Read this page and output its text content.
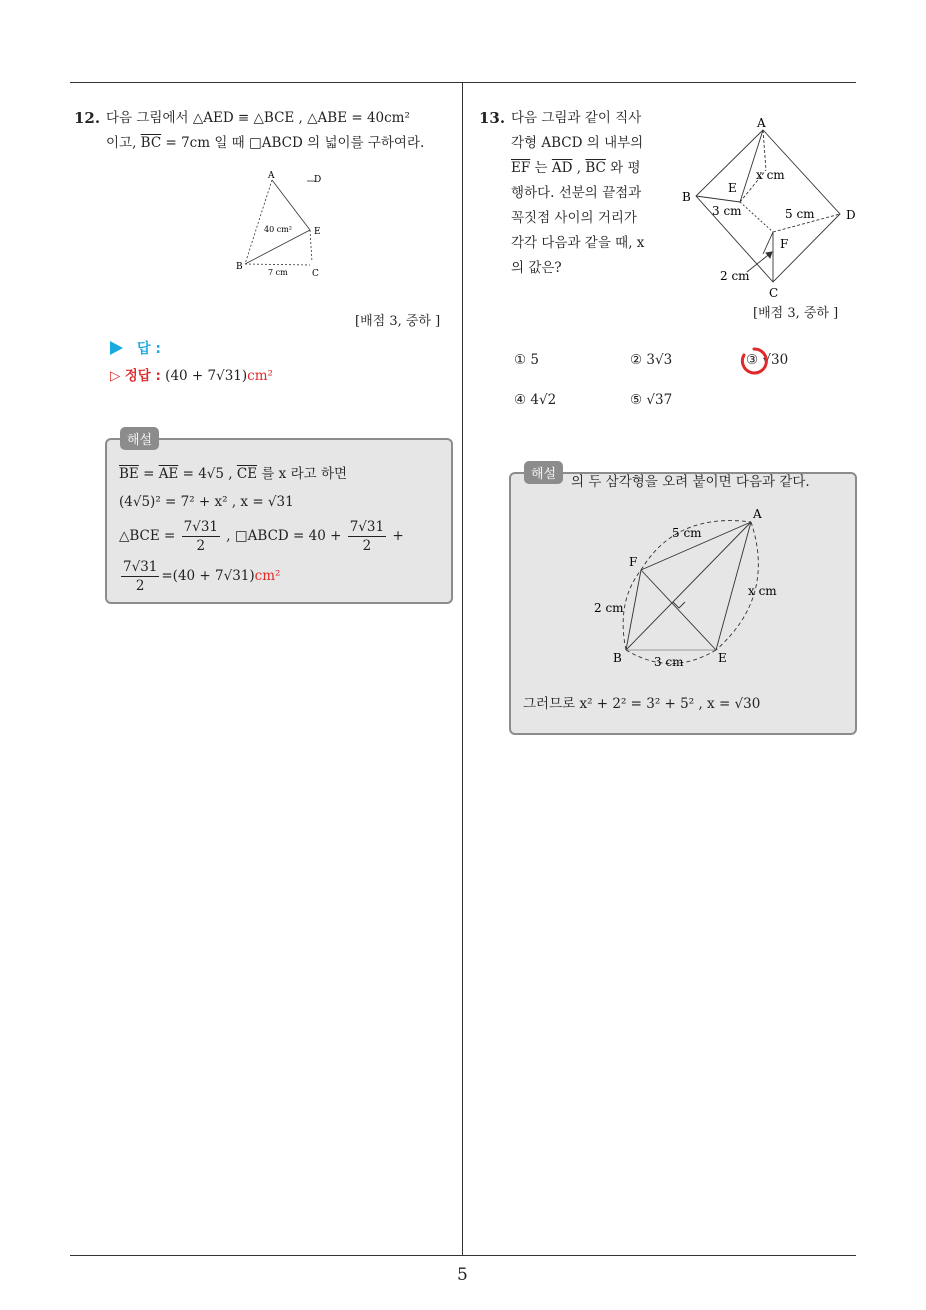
5
12. 다음 그림에서 △AED ≡ △BCE , △ABE = 40cm²
이고, $\overline{BC} = 7cm$ 일 때 □ABCD 의 넓이를 구하여라.
A	D
E
B
C
40 cm²
7 cm
[배점 3, 중하 ]
답 :
▷ 정답 : (40 + 7√31)cm²
$\overline{BE} = \overline{AE} = 4√5$ , $\overline{CE}$ 를 x 라고 하면
(4√5)² = 7² + x² , x = √31
△BCE = $\frac{7√31}{2}$ , □ABCD = $40 + \frac{7√31}{2}$ +
$\frac{7√31}{2} =(40 + 7√31)cm^2$
해설
13. 다음 그림과 같이 직사
각형 ABCD 의 내부의
$\overline{EF}$ 는 $\overline{AD}$ , $\overline{BC}$ 와 평
행하다. 선분의 끝점과
꼭짓점 사이의 거리가
각각 다음과 같을 때, x
의 값은?
A
B
E
x cm
3 cm	5 cm	D
F
2 cm
C
[배점 3, 중하 ]
① 5	② 3√3	③ √30
④ 4√2	⑤ √37
의 두 삼각형을 오려 붙이면 다음과 같다.
A
F
B	E
5 cm
2 cm
3 cm
x cm
그러므로 x² + 2² = 3² + 5² , x = √30
해설
